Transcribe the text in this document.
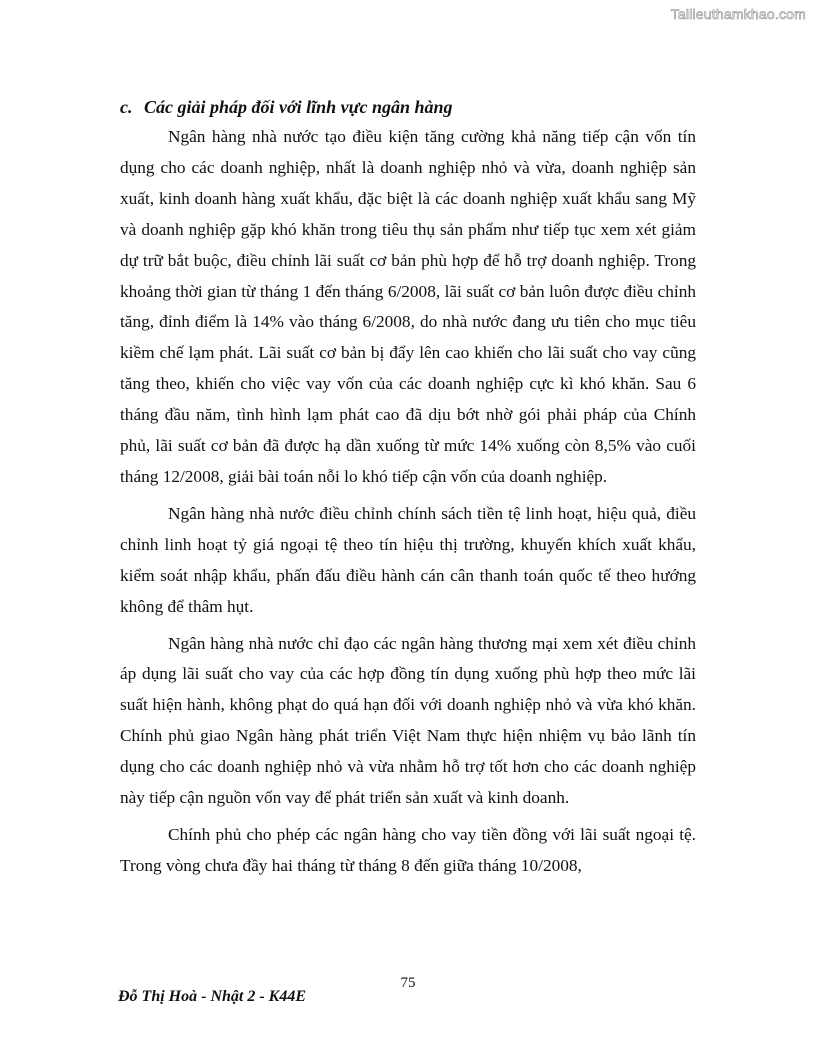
Tailieuthamkhao.com
c. Các giải pháp đối với lĩnh vực ngân hàng

Ngân hàng nhà nước tạo điều kiện tăng cường khả năng tiếp cận vốn tín dụng cho các doanh nghiệp, nhất là doanh nghiệp nhỏ và vừa, doanh nghiệp sản xuất, kinh doanh hàng xuất khẩu, đặc biệt là các doanh nghiệp xuất khẩu sang Mỹ và doanh nghiệp gặp khó khăn trong tiêu thụ sản phẩm như tiếp tục xem xét giảm dự trữ bắt buộc, điều chỉnh lãi suất cơ bản phù hợp để hỗ trợ doanh nghiệp. Trong khoảng thời gian từ tháng 1 đến tháng 6/2008, lãi suất cơ bản luôn được điều chỉnh tăng, đỉnh điểm là 14% vào tháng 6/2008, do nhà nước đang ưu tiên cho mục tiêu kiềm chế lạm phát. Lãi suất cơ bản bị đẩy lên cao khiến cho lãi suất cho vay cũng tăng theo, khiến cho việc vay vốn của các doanh nghiệp cực kì khó khăn. Sau 6 tháng đầu năm, tình hình lạm phát cao đã dịu bớt nhờ gói phải pháp của Chính phủ, lãi suất cơ bản đã được hạ dần xuống từ mức 14% xuống còn 8,5% vào cuối tháng 12/2008, giải bài toán nỗi lo khó tiếp cận vốn của doanh nghiệp.

Ngân hàng nhà nước điều chỉnh chính sách tiền tệ linh hoạt, hiệu quả, điều chỉnh linh hoạt tỷ giá ngoại tệ theo tín hiệu thị trường, khuyến khích xuất khẩu, kiểm soát nhập khẩu, phấn đấu điều hành cán cân thanh toán quốc tế theo hướng không để thâm hụt.

Ngân hàng nhà nước chỉ đạo các ngân hàng thương mại xem xét điều chỉnh áp dụng lãi suất cho vay của các hợp đồng tín dụng xuống phù hợp theo mức lãi suất hiện hành, không phạt do quá hạn đối với doanh nghiệp nhỏ và vừa khó khăn. Chính phủ giao Ngân hàng phát triển Việt Nam thực hiện nhiệm vụ bảo lãnh tín dụng cho các doanh nghiệp nhỏ và vừa nhằm hỗ trợ tốt hơn cho các doanh nghiệp này tiếp cận nguồn vốn vay để phát triển sản xuất và kinh doanh.

Chính phủ cho phép các ngân hàng cho vay tiền đồng với lãi suất ngoại tệ. Trong vòng chưa đầy hai tháng từ tháng 8 đến giữa tháng 10/2008,

75
Đỗ Thị Hoà - Nhật 2 - K44E
